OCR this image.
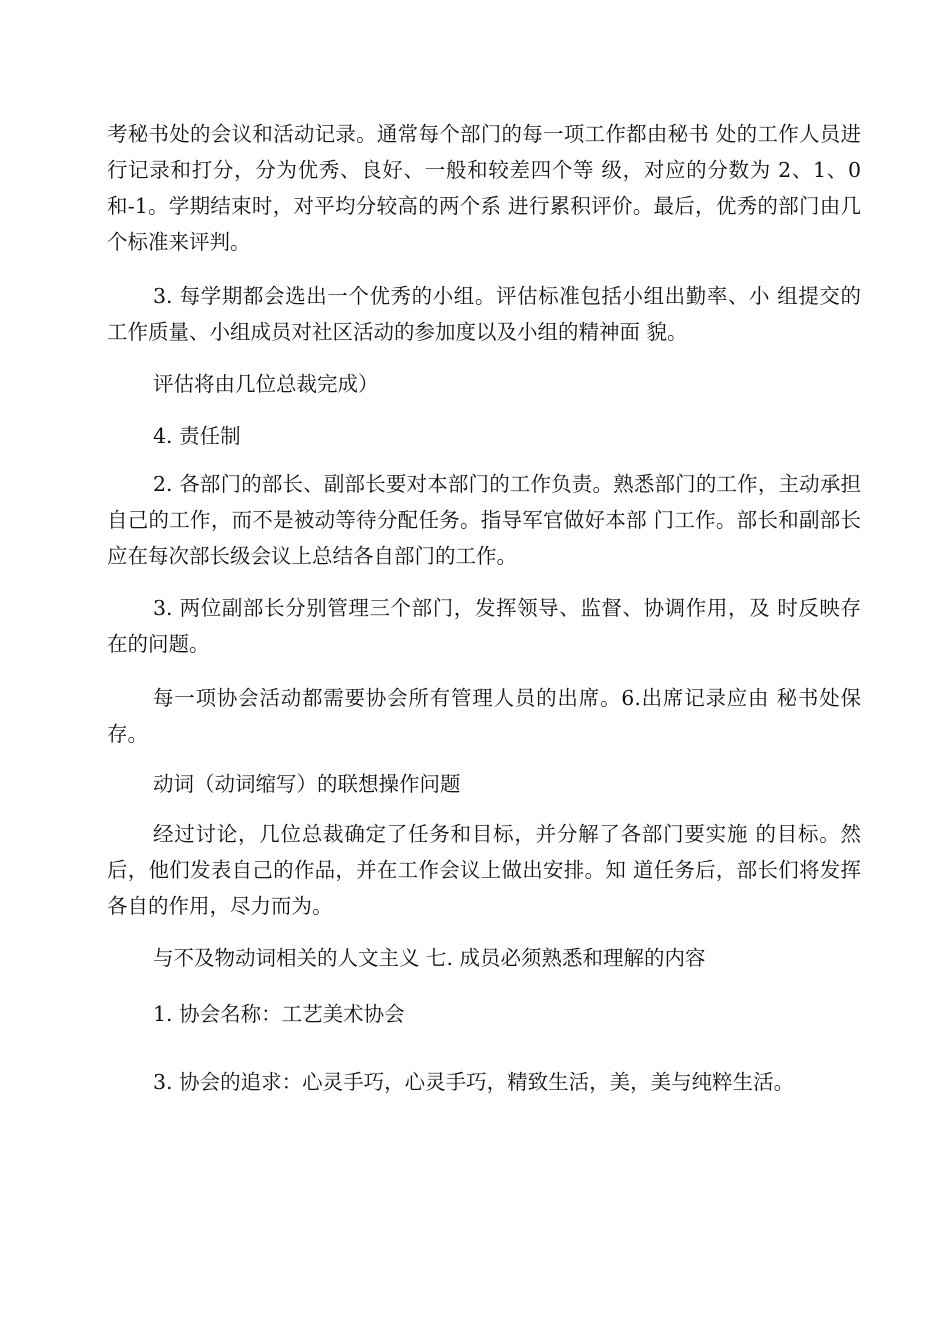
考秘书处的会议和活动记录。通常每个部门的每一项工作都由秘书 处的工作人员进行记录和打分，分为优秀、良好、一般和较差四个等 级，对应的分数为 2、1、0 和-1。学期结束时，对平均分较高的两个系 进行累积评价。最后，优秀的部门由几个标准来评判。

3. 每学期都会选出一个优秀的小组。评估标准包括小组出勤率、小 组提交的工作质量、小组成员对社区活动的参加度以及小组的精神面 貌。

评估将由几位总裁完成）

4. 责任制

2. 各部门的部长、副部长要对本部门的工作负责。熟悉部门的工作，主动承担自己的工作，而不是被动等待分配任务。指导军官做好本部 门工作。部长和副部长应在每次部长级会议上总结各自部门的工作。

3. 两位副部长分别管理三个部门，发挥领导、监督、协调作用，及 时反映存在的问题。

每一项协会活动都需要协会所有管理人员的出席。6.出席记录应由 秘书处保存。

动词（动词缩写）的联想操作问题

经过讨论，几位总裁确定了任务和目标，并分解了各部门要实施 的目标。然后，他们发表自己的作品，并在工作会议上做出安排。知 道任务后，部长们将发挥各自的作用，尽力而为。

与不及物动词相关的人文主义 七. 成员必须熟悉和理解的内容

1. 协会名称：工艺美术协会

3. 协会的追求：心灵手巧，心灵手巧，精致生活，美，美与纯粹生活。
